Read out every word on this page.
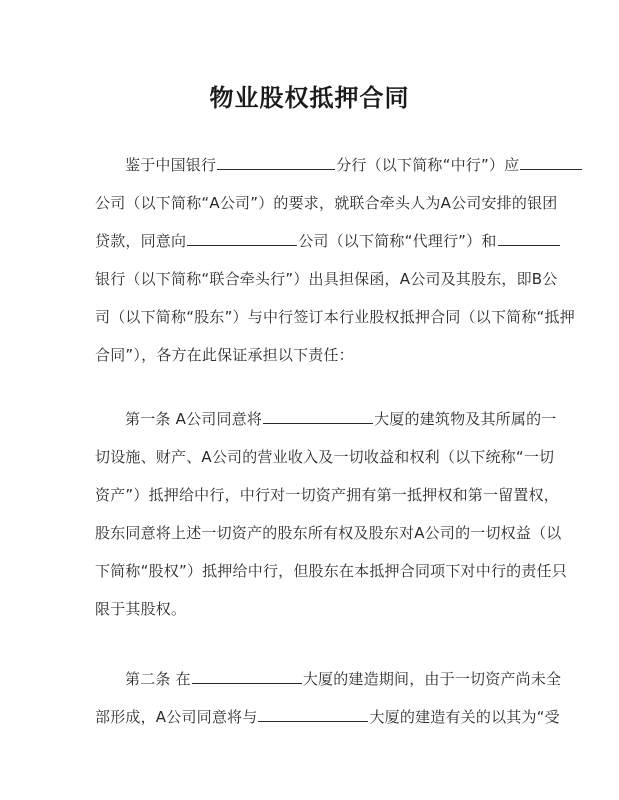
物业股权抵押合同
鉴于中国银行	分行（以下简称“中行”）应
公司（以下简称“A公司”）的要求，就联合牵头人为A公司安排的银团
贷款，同意向	公司（以下简称“代理行”）和
银行（以下简称“联合牵头行”）出具担保函，A公司及其股东，即B公
司（以下简称“股东”）与中行签订本行业股权抵押合同（以下简称“抵押
合同”），各方在此保证承担以下责任：
第一条 A公司同意将	大厦的建筑物及其所属的一
切设施、财产、A公司的营业收入及一切收益和权利（以下统称“一切
资产”）抵押给中行，中行对一切资产拥有第一抵押权和第一留置权，
股东同意将上述一切资产的股东所有权及股东对A公司的一切权益（以
下简称“股权”）抵押给中行，但股东在本抵押合同项下对中行的责任只
限于其股权。
第二条 在	大厦的建造期间，由于一切资产尚未全
部形成，A公司同意将与	大厦的建造有关的以其为“受
